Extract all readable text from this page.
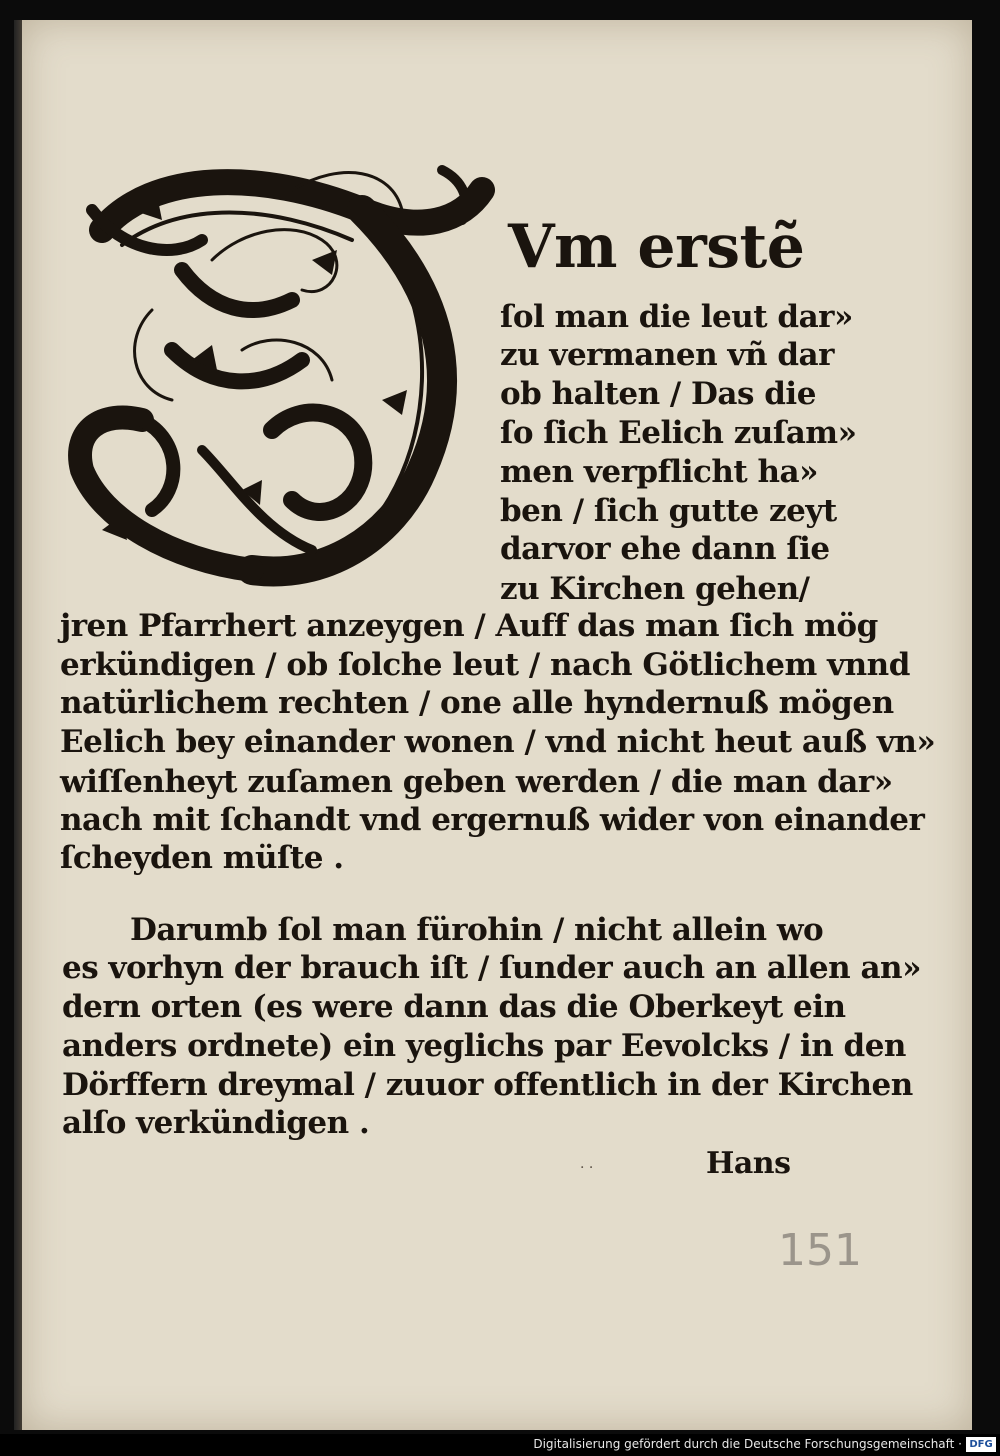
Vm erstẽ
ſol man die leut dar»
zu vermanen vñ dar
ob halten / Das die
ſo ſich Eelich zuſam»
men verpflicht ha»
ben / ſich gutte zeyt
darvor ehe dann ſie
zu Kirchen gehen/
jren Pfarrhert anzeygen / Auff das man ſich mög
erkündigen / ob ſolche leut / nach Götlichem vnnd
natürlichem rechten / one alle hyndernuß mögen
Eelich bey einander wonen / vnd nicht heut auß vn»
wiſſenheyt zuſamen geben werden / die man dar»
nach mit ſchandt vnd ergernuß wider von einander
ſcheyden müſte .
Darumb ſol man fürohin / nicht allein wo
es vorhyn der brauch iſt / ſunder auch an allen an»
dern orten (es were dann das die Oberkeyt ein
anders ordnete) ein yeglichs par Eevolcks / in den
Dörffern dreymal / zuuor offentlich in der Kirchen
alſo verkündigen .
· ·	Hans
151
Digitalisierung gefördert durch die Deutsche Forschungsgemeinschaft · DFG
